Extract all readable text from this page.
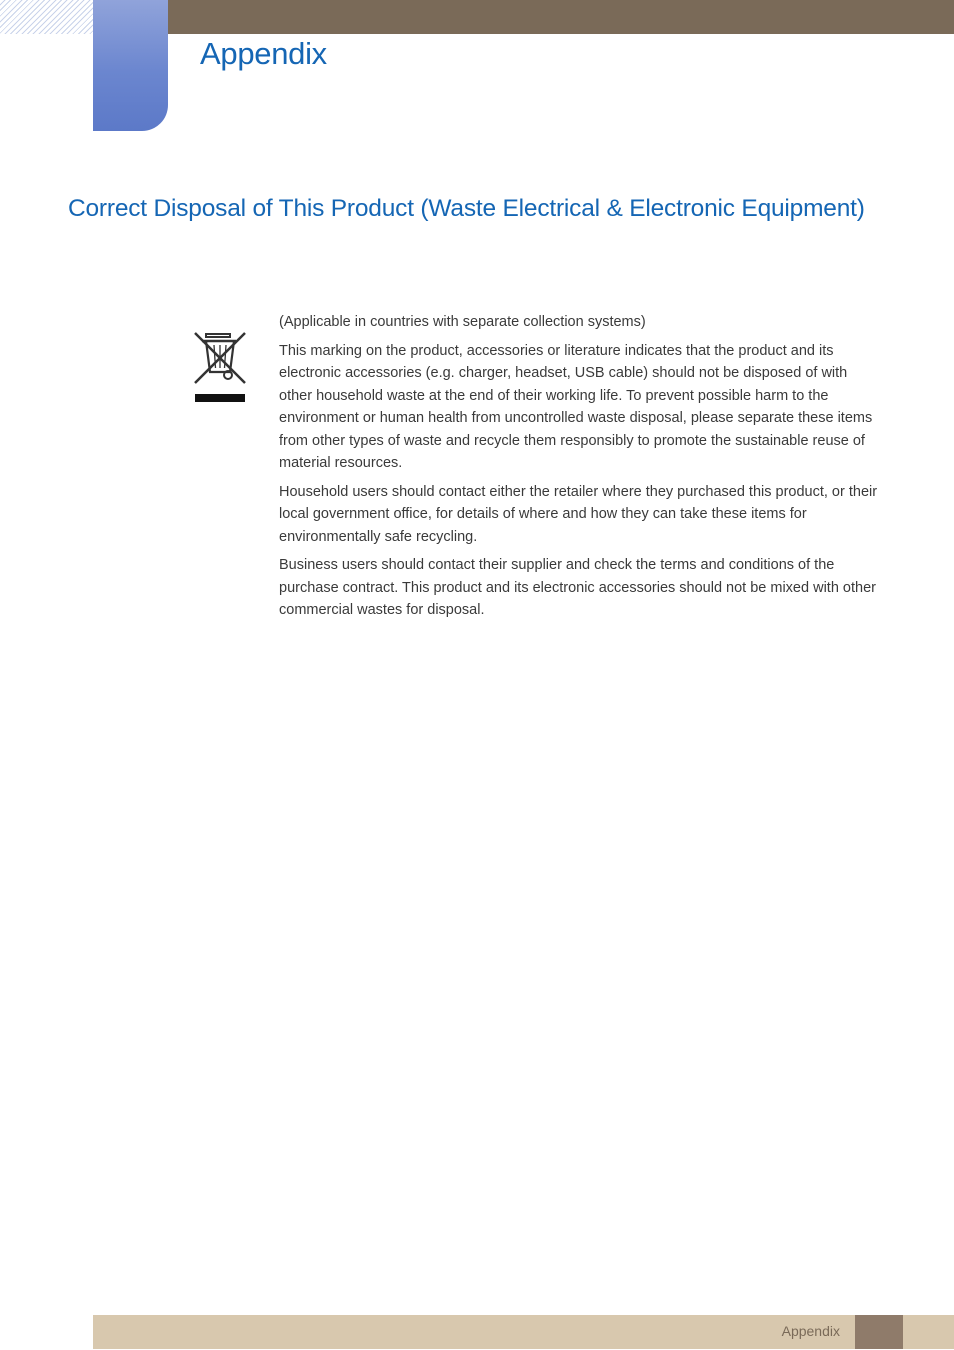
Appendix
Correct Disposal of This Product (Waste Electrical & Electronic Equipment)

(Applicable in countries with separate collection systems)

This marking on the product, accessories or literature indicates that the product and its electronic accessories (e.g. charger, headset, USB cable) should not be disposed of with other household waste at the end of their working life. To prevent possible harm to the environment or human health from uncontrolled waste disposal, please separate these items from other types of waste and recycle them responsibly to promote the sustainable reuse of material resources.

Household users should contact either the retailer where they purchased this product, or their local government office, for details of where and how they can take these items for environmentally safe recycling.

Business users should contact their supplier and check the terms and conditions of the purchase contract. This product and its electronic accessories should not be mixed with other commercial wastes for disposal.

Appendix
